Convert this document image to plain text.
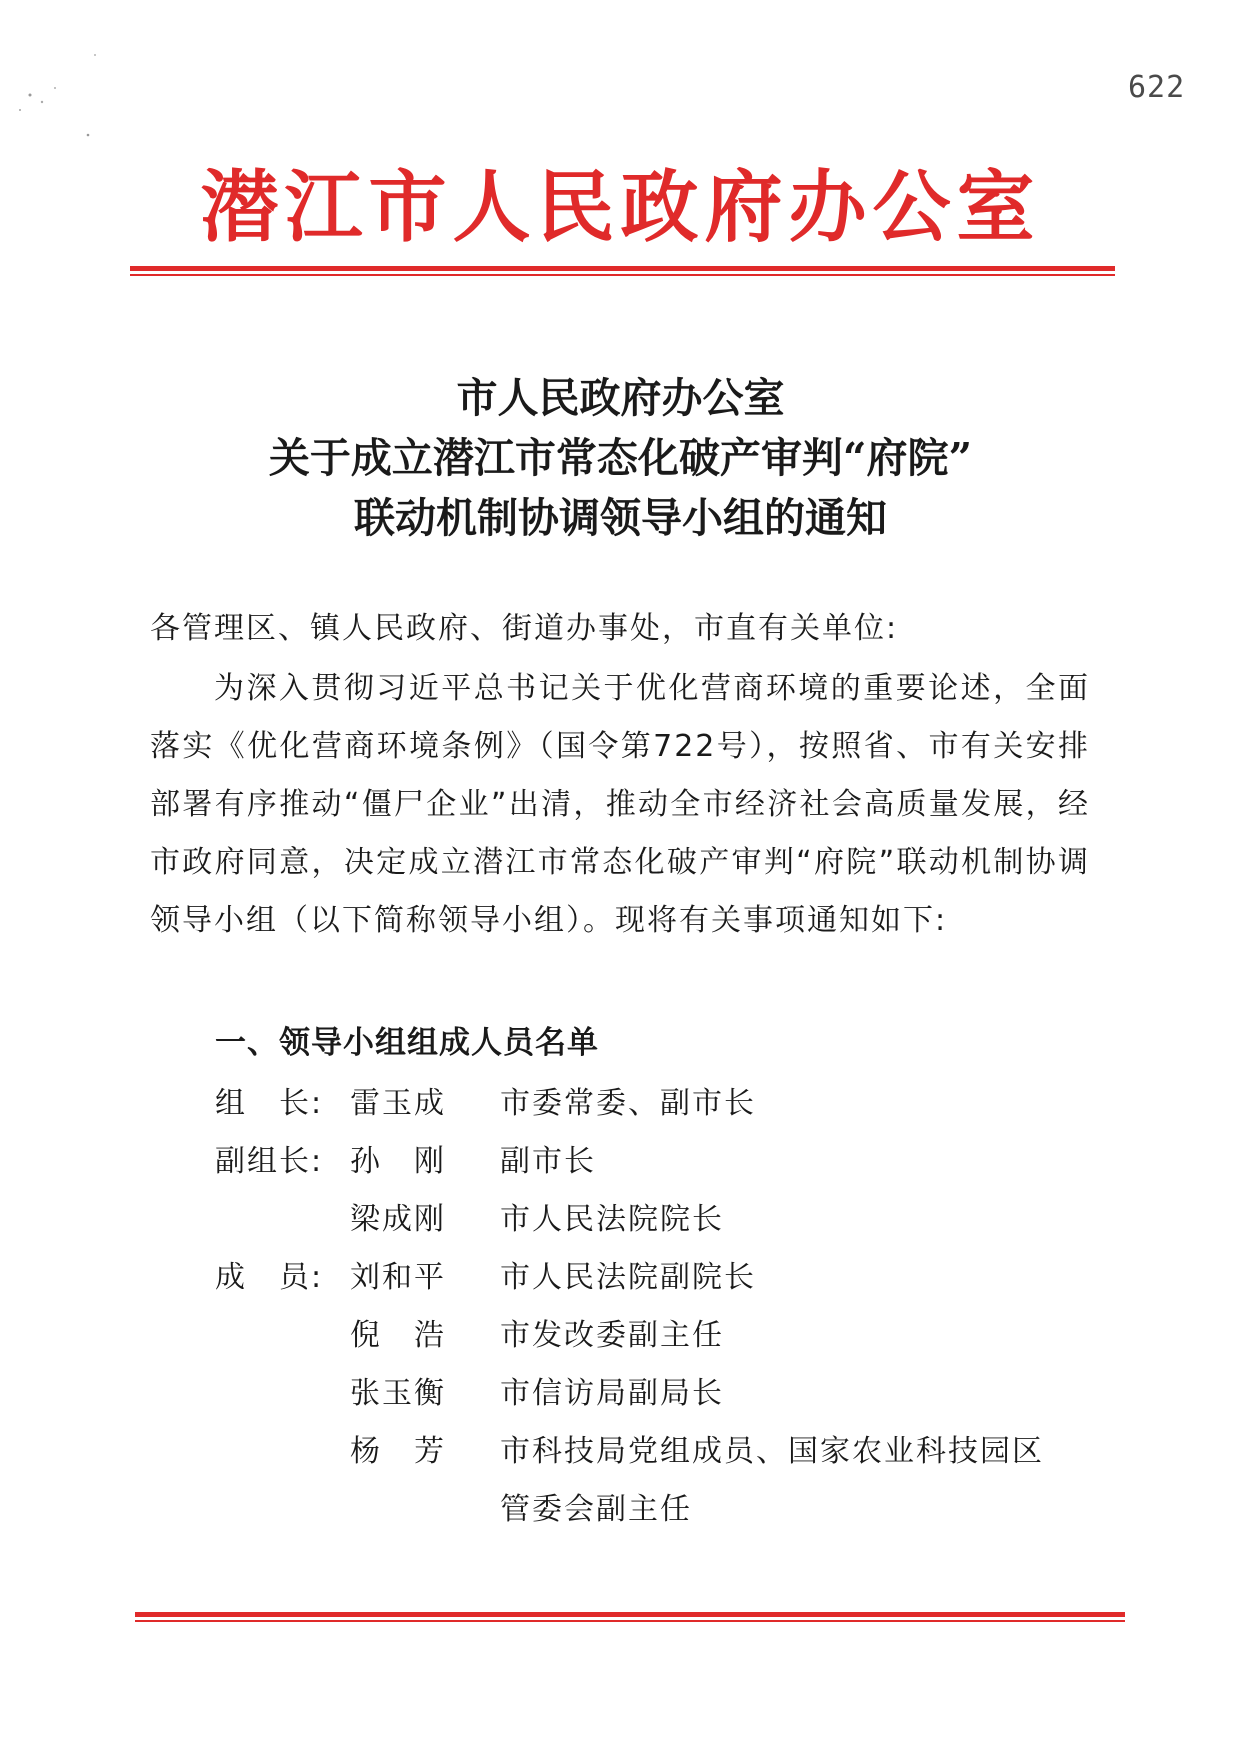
622
潜江市人民政府办公室
市人民政府办公室
关于成立潜江市常态化破产审判“府院”
联动机制协调领导小组的通知
各管理区、镇人民政府、街道办事处，市直有关单位:
为深入贯彻习近平总书记关于优化营商环境的重要论述，全面落实《优化营商环境条例》（国令第722号），按照省、市有关安排部署有序推动“僵尸企业”出清，推动全市经济社会高质量发展，经市政府同意，决定成立潜江市常态化破产审判“府院”联动机制协调领导小组（以下简称领导小组）。现将有关事项通知如下:
一、领导小组组成人员名单
组　长: 雷玉成	市委常委、副市长
副组长: 孙　刚	副市长
梁成刚	市人民法院院长
成　员: 刘和平	市人民法院副院长
倪　浩	市发改委副主任
张玉衡	市信访局副局长
杨　芳	市科技局党组成员、国家农业科技园区
管委会副主任
